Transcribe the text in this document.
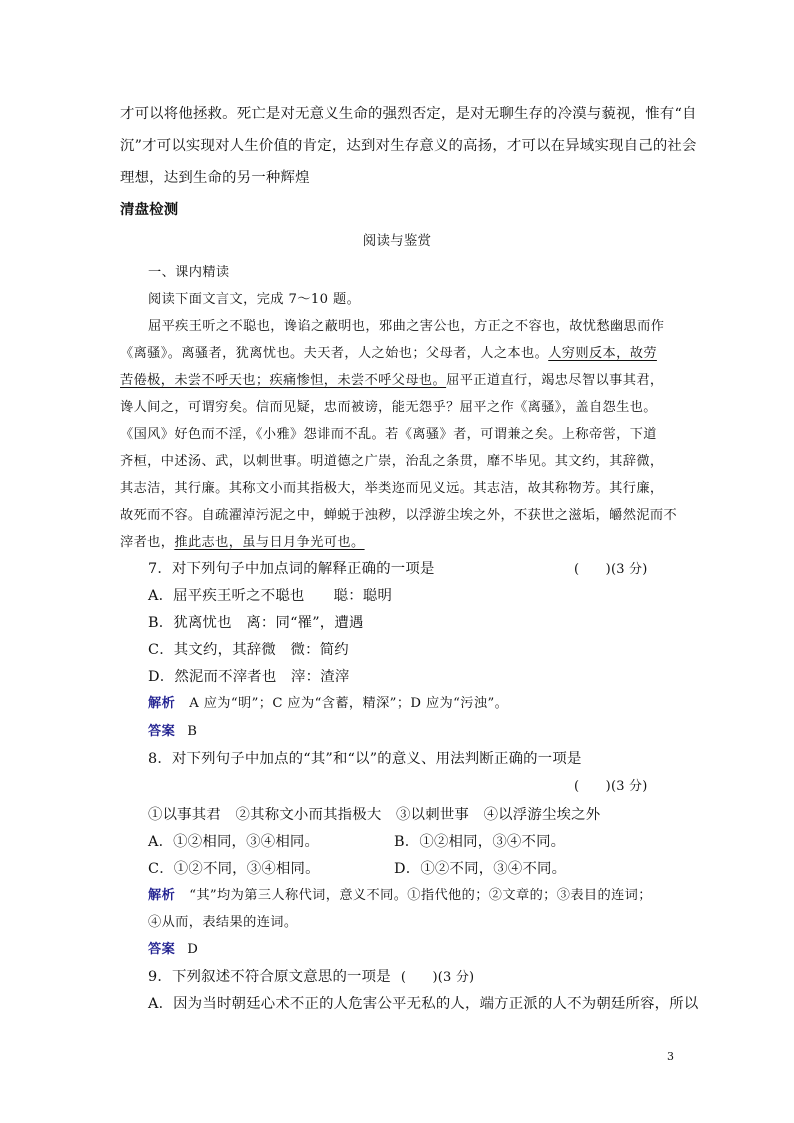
才可以将他拯救。死亡是对无意义生命的强烈否定，是对无聊生存的冷漠与藐视，惟有“自
沉”才可以实现对人生价值的肯定，达到对生存意义的高扬，才可以在异域实现自己的社会
理想，达到生命的另一种辉煌
清盘检测
阅读与鉴赏
一、课内精读
阅读下面文言文，完成 7～10 题。
屈平疾王听之不聪也，谗谄之蔽明也，邪曲之害公也，方正之不容也，故忧愁幽思而作
《离骚》。离骚者，犹离忧也。夫天者，人之始也；父母者，人之本也。人穷则反本，故劳
苦倦极，未尝不呼天也；疾痛惨怛，未尝不呼父母也。屈平正道直行，竭忠尽智以事其君，
谗人间之，可谓穷矣。信而见疑，忠而被谤，能无怨乎？屈平之作《离骚》，盖自怨生也。
《国风》好色而不淫，《小雅》怨诽而不乱。若《离骚》者，可谓兼之矣。上称帝喾，下道
齐桓，中述汤、武，以刺世事。明道德之广崇，治乱之条贯，靡不毕见。其文约，其辞微，
其志洁，其行廉。其称文小而其指极大，举类迩而见义远。其志洁，故其称物芳。其行廉，
故死而不容。自疏濯淖污泥之中，蝉蜕于浊秽，以浮游尘埃之外，不获世之滋垢，皭然泥而不
滓者也，推此志也，虽与日月争光可也。
7．对下列句子中加点词的解释正确的一项是	(　　)(3 分)
A．屈平疾王听之不聪也　　聪：聪明
B．犹离忧也　离：同“罹”，遭遇
C．其文约，其辞微　微：简约
D．然泥而不滓者也　滓：渣滓
解析 A 应为“明”；C 应为“含蓄，精深”；D 应为“污浊”。
答案 B
8．对下列句子中加点的“其”和“以”的意义、用法判断正确的一项是
(　　)(3 分)
①以事其君　②其称文小而其指极大　③以刺世事　④以浮游尘埃之外
A．①②相同，③④相同。	B．①②相同，③④不同。
C．①②不同，③④相同。	D．①②不同，③④不同。
解析 “其”均为第三人称代词，意义不同。①指代他的；②文章的；③表目的连词；
④从而，表结果的连词。
答案 D
9．下列叙述不符合原文意思的一项是 (　　)(3 分)
A．因为当时朝廷心术不正的人危害公平无私的人，端方正派的人不为朝廷所容，所以
3
